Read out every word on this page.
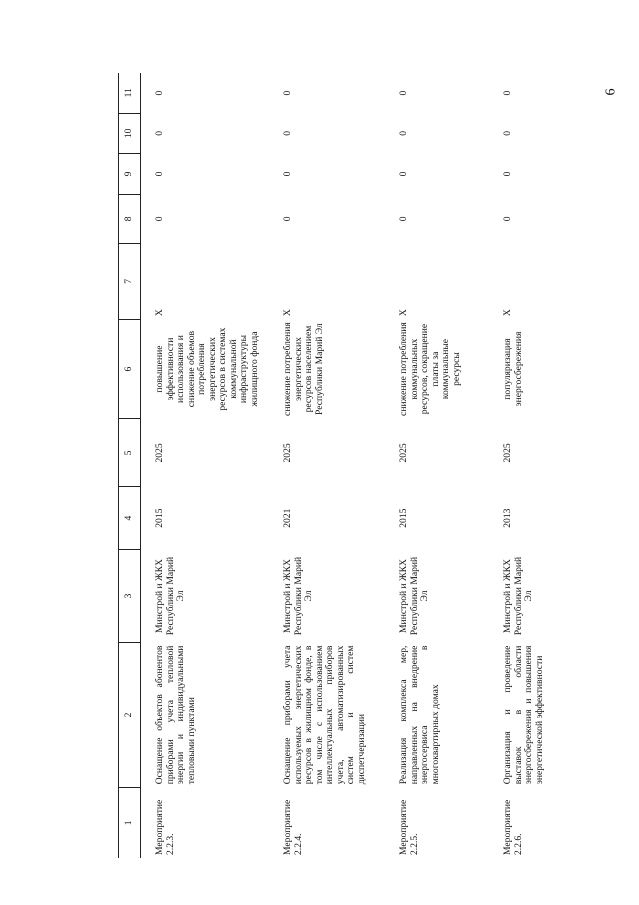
6
1	2	3	4	5	6	7	8	9	10	11
Мероприятие 2.2.3.	Оснащение объектов абонентов приборами учета тепловой энергии и индивидуальными тепловыми пунктами	Минстрой и ЖКХ Республики Марий Эл	2015	2025	повышение эффективности использования и снижение объемов потребления энергетических ресурсов в системах коммунальной инфраструктуры жилищного фонда	X	0	0	0	0
Мероприятие 2.2.4.	Оснащение приборами учета используемых энергетических ресурсов в жилищном фонде, в том числе с использованием интеллектуальных приборов учета, автоматизированных систем и систем диспетчеризации	Минстрой и ЖКХ Республики Марий Эл	2021	2025	снижение потребления энергетических ресурсов населением Республики Марий Эл	X	0	0	0	0
Мероприятие 2.2.5.	Реализация комплекса мер, направленных на внедрение энергосервиса в многоквартирных домах	Минстрой и ЖКХ Республики Марий Эл	2015	2025	снижение потребления коммунальных ресурсов, сокращение платы за коммунальные ресурсы	X	0	0	0	0
Мероприятие 2.2.6.	Организация и проведение выставок в области энергосбережения и повышения энергетической эффективности	Минстрой и ЖКХ Республики Марий Эл	2013	2025	популяризация энергосбережения	X	0	0	0	0
